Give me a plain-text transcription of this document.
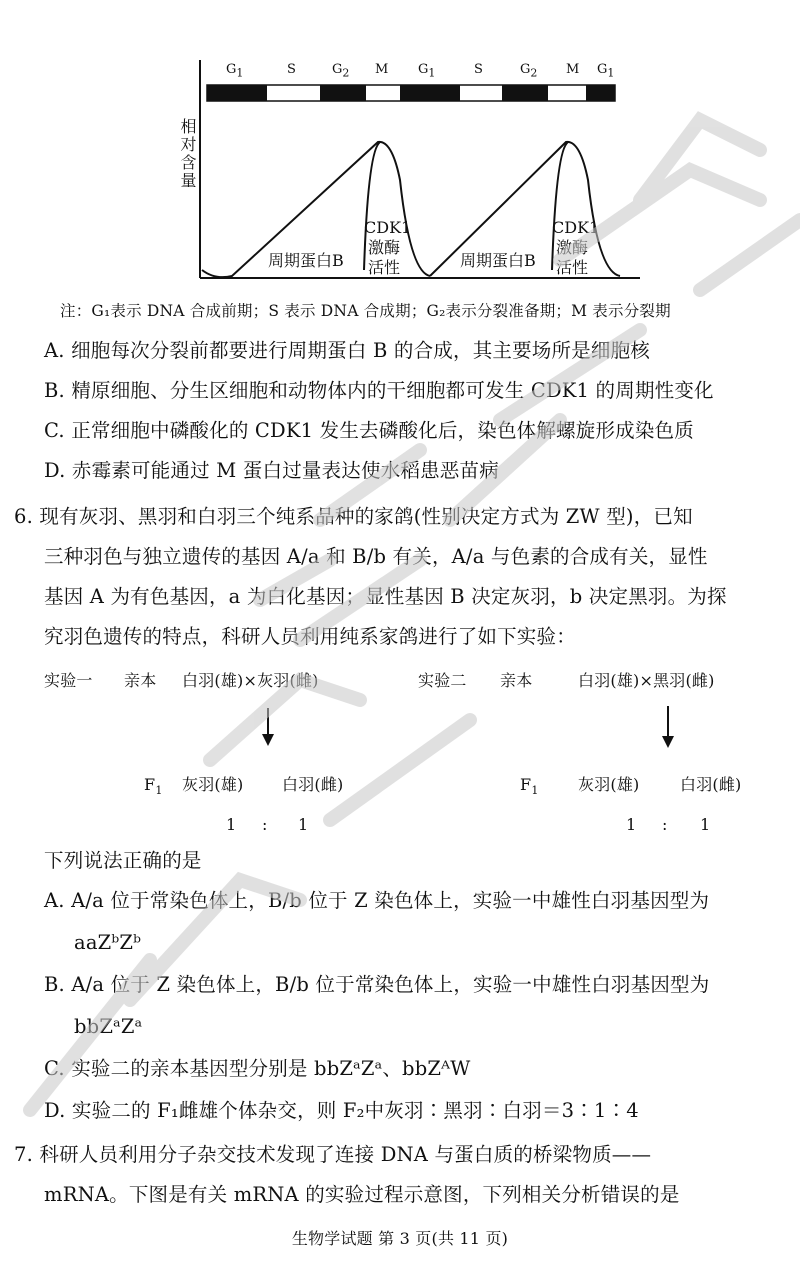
$G_1$	S	$G_2$ M $G_1$	S	$G_2$ M $G_1$
相对含量
周期蛋白B	周期蛋白B
CDK1
激酶
活性
CDK1
激酶
活性
注：G₁表示 DNA 合成前期；S 表示 DNA 合成期；G₂表示分裂准备期；M 表示分裂期
A. 细胞每次分裂前都要进行周期蛋白 B 的合成，其主要场所是细胞核
B. 精原细胞、分生区细胞和动物体内的干细胞都可发生 CDK1 的周期性变化
C. 正常细胞中磷酸化的 CDK1 发生去磷酸化后，染色体解螺旋形成染色质
D. 赤霉素可能通过 M 蛋白过量表达使水稻患恶苗病
6. 现有灰羽、黑羽和白羽三个纯系品种的家鸽(性别决定方式为 ZW 型)，已知
三种羽色与独立遗传的基因 A/a 和 B/b 有关，A/a 与色素的合成有关，显性
基因 A 为有色基因，a 为白化基因；显性基因 B 决定灰羽，b 决定黑羽。为探
究羽色遗传的特点，科研人员利用纯系家鸽进行了如下实验：
实验一 亲本 白羽(雄)×灰羽(雌)
$F_1$ 灰羽(雄) 白羽(雌)
1 : 1
实验二 亲本	白羽(雄)×黑羽(雌)
$F_1$ 灰羽(雄)	白羽(雌)
1 : 1
下列说法正确的是
A. A/a 位于常染色体上，B/b 位于 Z 染色体上，实验一中雄性白羽基因型为
aaZᵇZᵇ
B. A/a 位于 Z 染色体上，B/b 位于常染色体上，实验一中雄性白羽基因型为
bbZᵃZᵃ
C. 实验二的亲本基因型分别是 bbZᵃZᵃ、bbZᴬW
D. 实验二的 F₁雌雄个体杂交，则 F₂中灰羽∶黑羽∶白羽＝3∶1∶4
7. 科研人员利用分子杂交技术发现了连接 DNA 与蛋白质的桥梁物质——
mRNA。下图是有关 mRNA 的实验过程示意图，下列相关分析错误的是
生物学试题 第 3 页(共 11 页)
